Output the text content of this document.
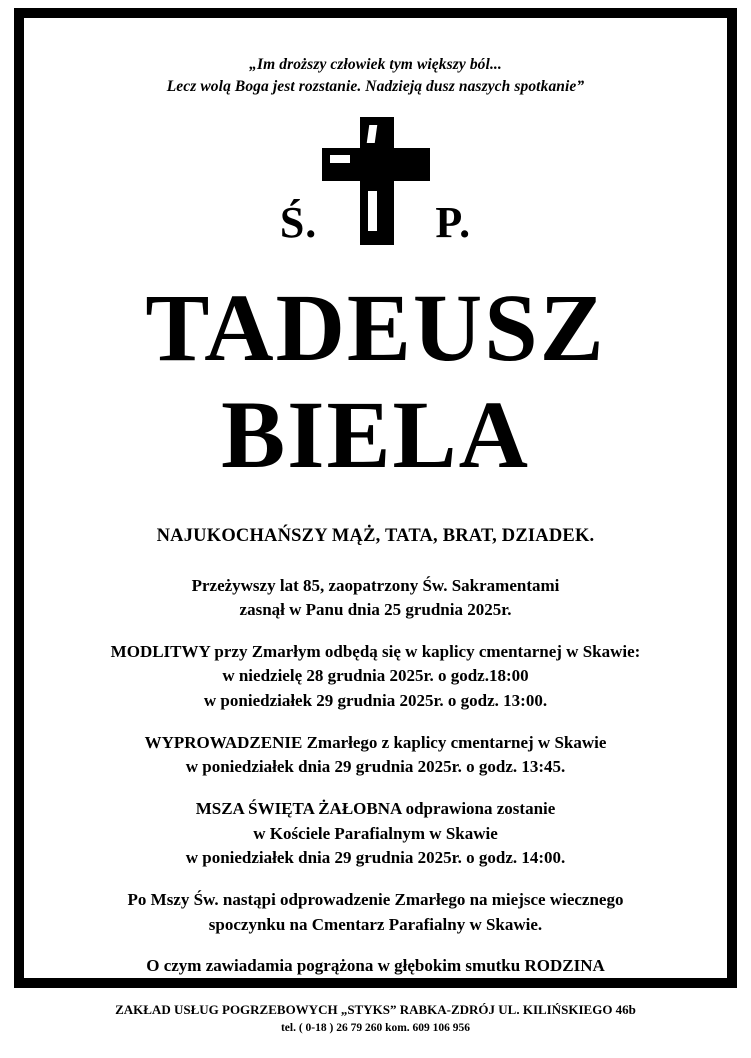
„Im droższy człowiek tym większy ból...
Lecz wolą Boga jest rozstanie. Nadzieją dusz naszych spotkanie”
Ś.	P.
TADEUSZ
BIELA
NAJUKOCHAŃSZY MĄŻ, TATA, BRAT, DZIADEK.
Przeżywszy lat 85, zaopatrzony Św. Sakramentami
zasnął w Panu dnia 25 grudnia 2025r.
MODLITWY przy Zmarłym odbędą się w kaplicy cmentarnej w Skawie:
w niedzielę 28 grudnia 2025r. o godz.18:00
w poniedziałek 29 grudnia 2025r. o godz. 13:00.
WYPROWADZENIE Zmarłego z kaplicy cmentarnej w Skawie
w poniedziałek dnia 29 grudnia 2025r. o godz. 13:45.
MSZA ŚWIĘTA ŻAŁOBNA odprawiona zostanie
w Kościele Parafialnym w Skawie
w poniedziałek dnia 29 grudnia 2025r. o godz. 14:00.
Po Mszy Św. nastąpi odprowadzenie Zmarłego na miejsce wiecznego
spoczynku na Cmentarz Parafialny w Skawie.
O czym zawiadamia pogrążona w głębokim smutku RODZINA
ZAKŁAD USŁUG POGRZEBOWYCH „STYKS” RABKA-ZDRÓJ UL. KILIŃSKIEGO 46b
tel. ( 0-18 ) 26 79 260 kom. 609 106 956
